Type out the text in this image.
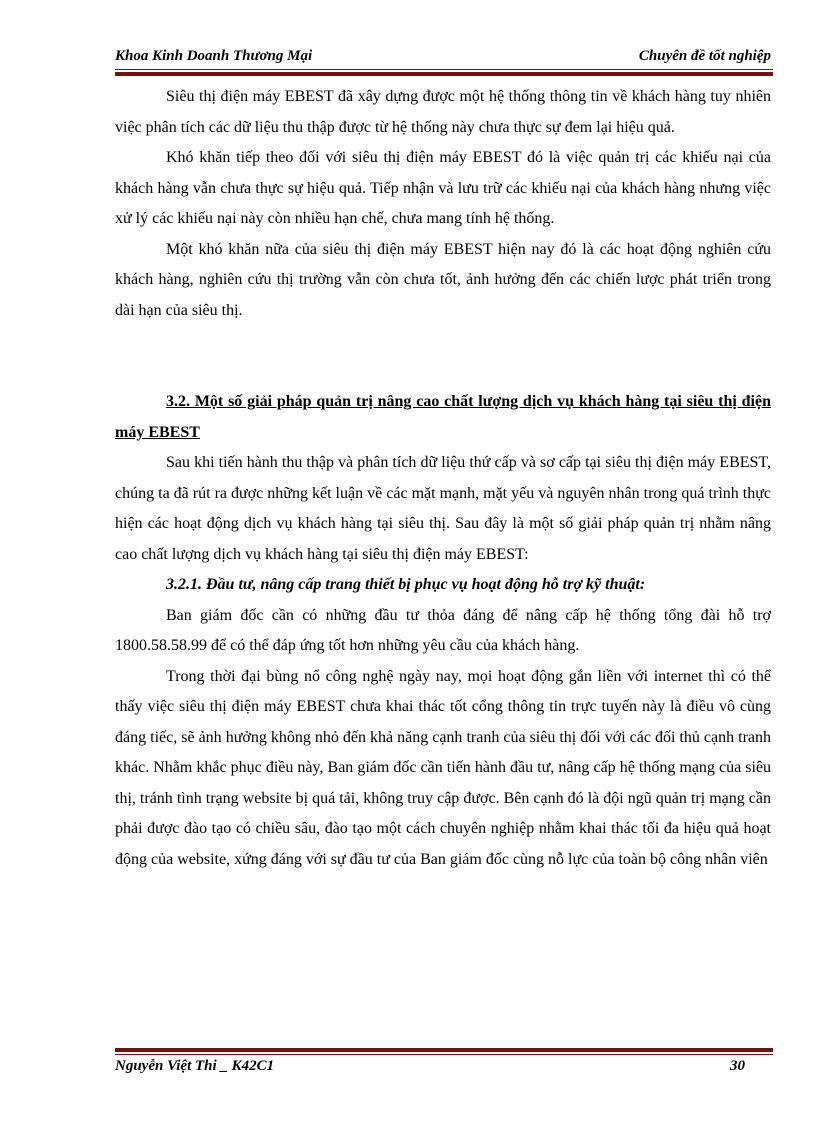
Khoa Kinh Doanh Thương Mại	Chuyên đề tốt nghiệp

Siêu thị điện máy EBEST đã xây dựng được một hệ thống thông tin về khách hàng tuy nhiên việc phân tích các dữ liệu thu thập được từ hệ thống này chưa thực sự đem lại hiệu quả.

Khó khăn tiếp theo đối với siêu thị điện máy EBEST đó là việc quản trị các khiếu nại của khách hàng vẫn chưa thực sự hiệu quả. Tiếp nhận và lưu trữ các khiếu nại của khách hàng nhưng việc xử lý các khiếu nại này còn nhiều hạn chế, chưa mang tính hệ thống.

Một khó khăn nữa của siêu thị điện máy EBEST hiện nay đó là các hoạt động nghiên cứu khách hàng, nghiên cứu thị trường vẫn còn chưa tốt, ảnh hưởng đến các chiến lược phát triển trong dài hạn của siêu thị.

3.2. Một số giải pháp quản trị nâng cao chất lượng dịch vụ khách hàng tại siêu thị điện máy EBEST

Sau khi tiến hành thu thập và phân tích dữ liệu thứ cấp và sơ cấp tại siêu thị điện máy EBEST, chúng ta đã rút ra được những kết luận về các mặt mạnh, mặt yếu và nguyên nhân trong quá trình thực hiện các hoạt động dịch vụ khách hàng tại siêu thị. Sau đây là một số giải pháp quản trị nhằm nâng cao chất lượng dịch vụ khách hàng tại siêu thị điện máy EBEST:

3.2.1. Đầu tư, nâng cấp trang thiết bị phục vụ hoạt động hỗ trợ kỹ thuật:

Ban giám đốc cần có những đầu tư thỏa đáng để nâng cấp hệ thống tổng đài hỗ trợ 1800.58.58.99 để có thể đáp ứng tốt hơn những yêu cầu của khách hàng.

Trong thời đại bùng nổ công nghệ ngày nay, mọi hoạt động gắn liền với internet thì có thể thấy việc siêu thị điện máy EBEST chưa khai thác tốt cổng thông tin trực tuyến này là điều vô cùng đáng tiếc, sẽ ảnh hưởng không nhỏ đến khả năng cạnh tranh của siêu thị đối với các đối thủ cạnh tranh khác. Nhằm khắc phục điều này, Ban giám đốc cần tiến hành đầu tư, nâng cấp hệ thống mạng của siêu thị, tránh tình trạng website bị quá tải, không truy cập được. Bên cạnh đó là đội ngũ quản trị mạng cần phải được đào tạo có chiều sâu, đào tạo một cách chuyên nghiệp nhằm khai thác tối đa hiệu quả hoạt động của website, xứng đáng với sự đầu tư của Ban giám đốc cùng nỗ lực của toàn bộ công nhân viên

Nguyễn Việt Thi _ K42C1	30
